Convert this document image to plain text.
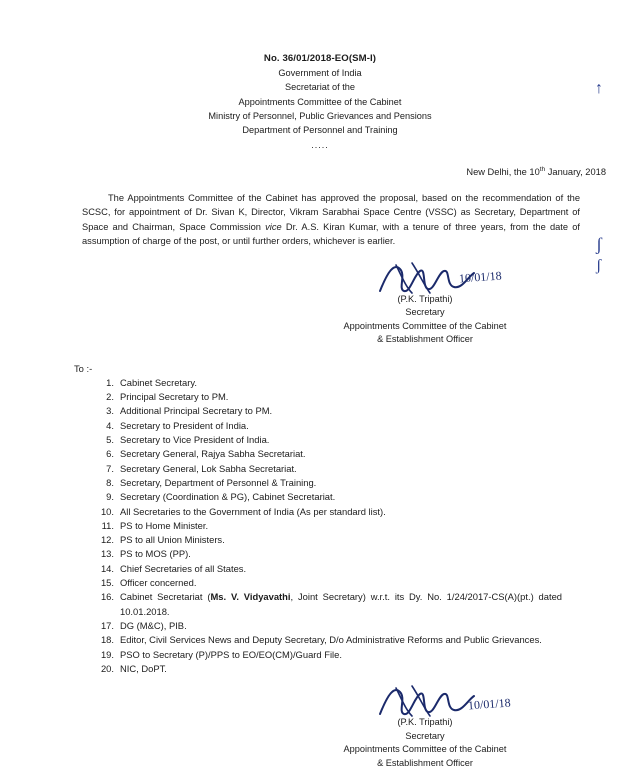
↑
ʃ
ʃ
No. 36/01/2018-EO(SM-I)
Government of India
Secretariat of the
Appointments Committee of the Cabinet
Ministry of Personnel, Public Grievances and Pensions
Department of Personnel and Training
.....
New Delhi, the 10th January, 2018

The Appointments Committee of the Cabinet has approved the proposal, based on the recommendation of the SCSC, for appointment of Dr. Sivan K, Director, Vikram Sarabhai Space Centre (VSSC) as Secretary, Department of Space and Chairman, Space Commission vice Dr. A.S. Kiran Kumar, with a tenure of three years, from the date of assumption of charge of the post, or until further orders, whichever is earlier.

10/01/18
(P.K. Tripathi)
Secretary
Appointments Committee of the Cabinet
& Establishment Officer
To :-
Cabinet Secretary.
Principal Secretary to PM.
Additional Principal Secretary to PM.
Secretary to President of India.
Secretary to Vice President of India.
Secretary General, Rajya Sabha Secretariat.
Secretary General, Lok Sabha Secretariat.
Secretary, Department of Personnel & Training.
Secretary (Coordination & PG), Cabinet Secretariat.
All Secretaries to the Government of India (As per standard list).
PS to Home Minister.
PS to all Union Ministers.
PS to MOS (PP).
Chief Secretaries of all States.
Officer concerned.
Cabinet Secretariat (Ms. V. Vidyavathi, Joint Secretary) w.r.t. its Dy. No. 1/24/2017-CS(A)(pt.) dated 10.01.2018.
DG (M&C), PIB.
Editor, Civil Services News and Deputy Secretary, D/o Administrative Reforms and Public Grievances.
PSO to Secretary (P)/PPS to EO/EO(CM)/Guard File.
NIC, DoPT.
10/01/18
(P.K. Tripathi)
Secretary
Appointments Committee of the Cabinet
& Establishment Officer
